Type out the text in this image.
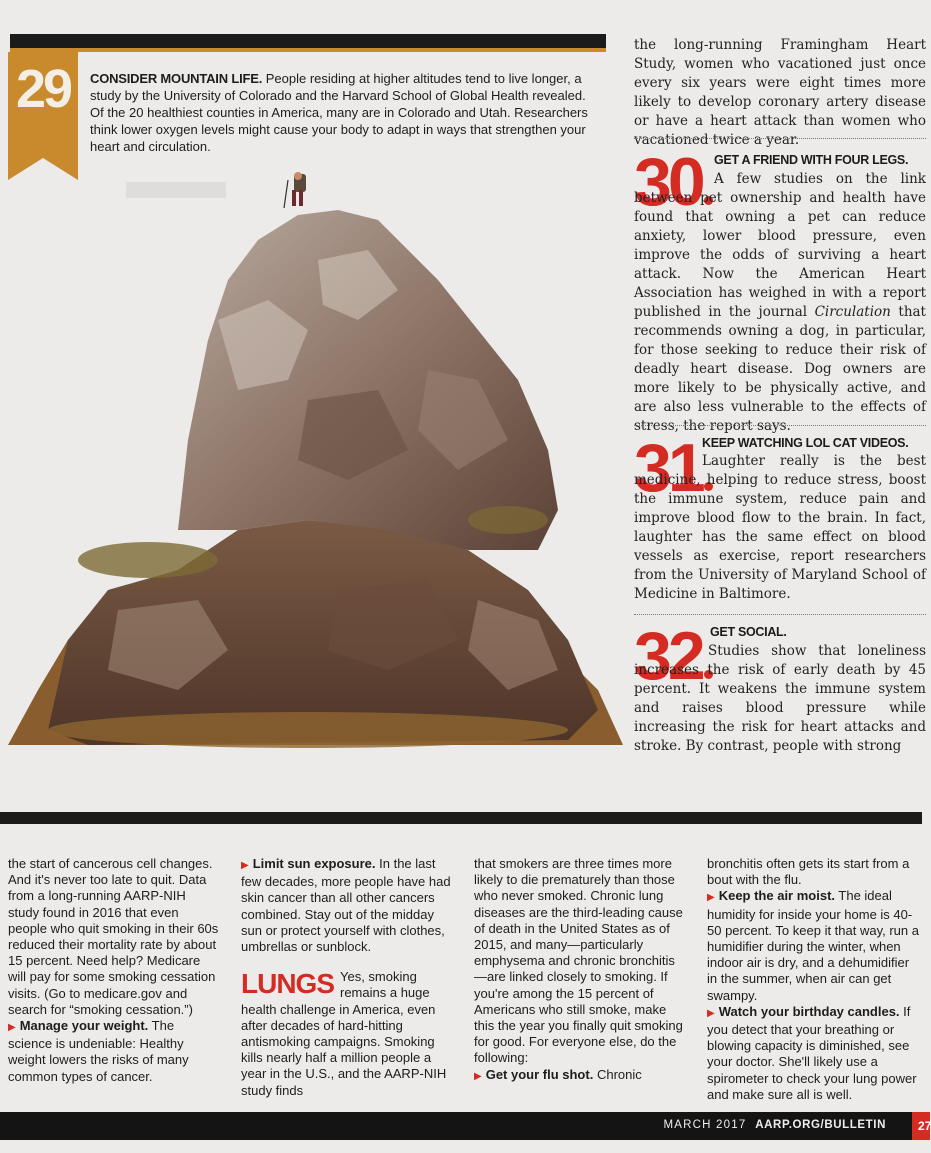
29	CONSIDER MOUNTAIN LIFE. People residing at higher altitudes tend to live longer, a study by the University of Colorado and the Harvard School of Global Health revealed. Of the 20 healthiest counties in America, many are in Colorado and Utah. Researchers think lower oxygen levels might cause your body to adapt in ways that strengthen your heart and circulation.

the long-running Framingham Heart Study, women who vacationed just once every six years were eight times more likely to develop coronary artery disease or have a heart attack than women who vacationed twice a year.

30 GET A FRIEND WITH FOUR LEGS.

A few studies on the link between pet ownership and health have found that owning a pet can reduce anxiety, lower blood pressure, even improve the odds of surviving a heart attack. Now the American Heart Association has weighed in with a report published in the journal Circulation that recommends owning a dog, in particular, for those seeking to reduce their risk of deadly heart disease. Dog owners are more likely to be physically active, and are also less vulnerable to the effects of stress, the report says.

31 KEEP WATCHING LOL CAT VIDEOS.

Laughter really is the best medicine, helping to reduce stress, boost the immune system, reduce pain and improve blood flow to the brain. In fact, laughter has the same effect on blood vessels as exercise, report researchers from the University of Maryland School of Medicine in Baltimore.

32 GET SOCIAL.

Studies show that loneliness increases the risk of early death by 45 percent. It weakens the immune system and raises blood pressure while increasing the risk for heart attacks and stroke. By contrast, people with strong

the start of cancerous cell changes. And it's never too late to quit. Data from a long-running AARP-NIH study found in 2016 that even people who quit smoking in their 60s reduced their mortality rate by about 15 percent. Need help? Medicare will pay for some smoking cessation visits. (Go to medicare.gov and search for “smoking cessation.”)

▶ Manage your weight. The science is undeniable: Healthy weight lowers the risks of many common types of cancer.

▶ Limit sun exposure. In the last few decades, more people have had skin cancer than all other cancers combined. Stay out of the midday sun or protect yourself with clothes, umbrellas or sunblock.

LUNGS Yes, smoking remains a huge health challenge in America, even after decades of hard-hitting antismoking campaigns. Smoking kills nearly half a million people a year in the U.S., and the AARP-NIH study finds

that smokers are three times more likely to die prematurely than those who never smoked. Chronic lung diseases are the third-leading cause of death in the United States as of 2015, and many—particularly emphysema and chronic bronchitis—are linked closely to smoking. If you're among the 15 percent of Americans who still smoke, make this the year you finally quit smoking for good. For everyone else, do the following:

▶ Get your flu shot. Chronic

bronchitis often gets its start from a bout with the flu.

▶ Keep the air moist. The ideal humidity for inside your home is 40-50 percent. To keep it that way, run a humidifier during the winter, when indoor air is dry, and a dehumidifier in the summer, when air can get swampy.

▶ Watch your birthday candles. If you detect that your breathing or blowing capacity is diminished, see your doctor. She'll likely use a spirometer to check your lung power and make sure all is well.

MARCH 2017 AARP.ORG/BULLETIN	27
